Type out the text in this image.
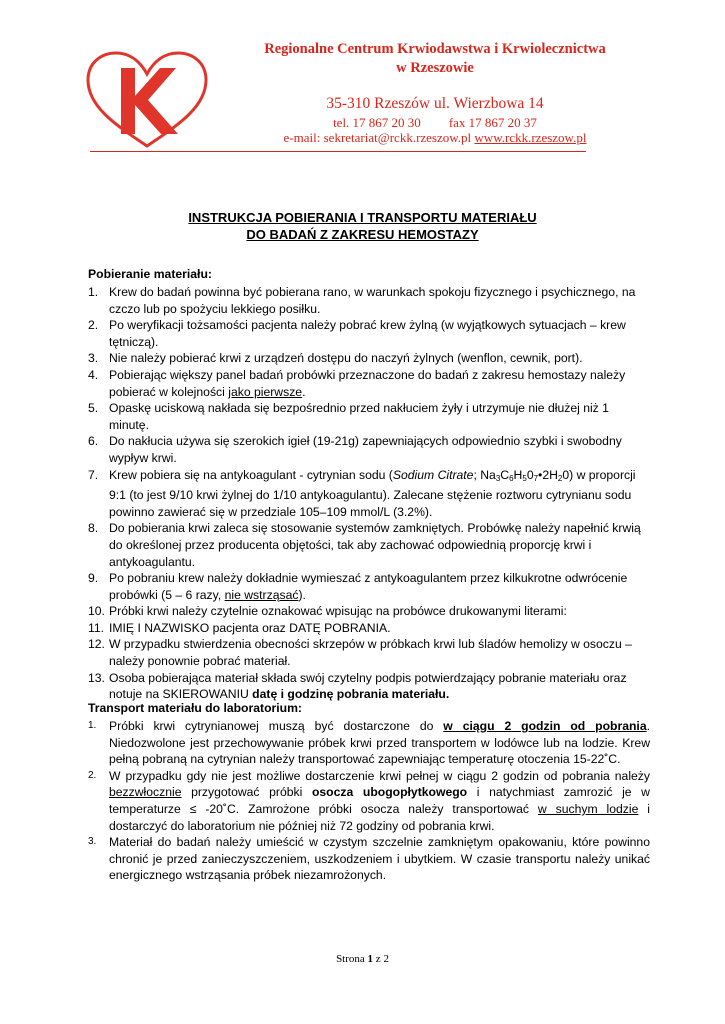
Regionalne Centrum Krwiodawstwa i Krwiolecznictwa
w Rzeszowie
35-310 Rzeszów ul. Wierzbowa 14
tel. 17 867 20 30 fax 17 867 20 37
e-mail: sekretariat@rckk.rzeszow.pl www.rckk.rzeszow.pl
INSTRUKCJA POBIERANIA I TRANSPORTU MATERIAŁU
DO BADAŃ Z ZAKRESU HEMOSTAZY
Pobieranie materiału:
1. Krew do badań powinna być pobierana rano, w warunkach spokoju fizycznego i psychicznego, na czczo lub po spożyciu lekkiego posiłku.
2. Po weryfikacji tożsamości pacjenta należy pobrać krew żylną (w wyjątkowych sytuacjach – krew tętniczą).
3. Nie należy pobierać krwi z urządzeń dostępu do naczyń żylnych (wenflon, cewnik, port).
4. Pobierając większy panel badań probówki przeznaczone do badań z zakresu hemostazy należy pobierać w kolejności jako pierwsze.
5. Opaskę uciskową nakłada się bezpośrednio przed nakłuciem żyły i utrzymuje nie dłużej niż 1 minutę.
6. Do nakłucia używa się szerokich igieł (19-21g) zapewniających odpowiednio szybki i swobodny wypływ krwi.
7. Krew pobiera się na antykoagulant - cytrynian sodu (Sodium Citrate; $Na_3C_6H_50_7•2H_20$) w proporcji 9:1 (to jest 9/10 krwi żylnej do 1/10 antykoagulantu). Zalecane stężenie roztworu cytrynianu sodu powinno zawierać się w przedziale 105–109 mmol/L (3.2%).
8. Do pobierania krwi zaleca się stosowanie systemów zamkniętych. Probówkę należy napełnić krwią do określonej przez producenta objętości, tak aby zachować odpowiednią proporcję krwi i antykoagulantu.
9. Po pobraniu krew należy dokładnie wymieszać z antykoagulantem przez kilkukrotne odwrócenie probówki (5 – 6 razy, nie wstrząsać).
10. Próbki krwi należy czytelnie oznakować wpisując na probówce drukowanymi literami:
11. IMIĘ I NAZWISKO pacjenta oraz DATĘ POBRANIA.
12. W przypadku stwierdzenia obecności skrzepów w próbkach krwi lub śladów hemolizy w osoczu – należy ponownie pobrać materiał.
13. Osoba pobierająca materiał składa swój czytelny podpis potwierdzający pobranie materiału oraz notuje na SKIEROWANIU datę i godzinę pobrania materiału.
Transport materiału do laboratorium:
1. Próbki krwi cytrynianowej muszą być dostarczone do w ciągu 2 godzin od pobrania. Niedozwolone jest przechowywanie próbek krwi przed transportem w lodówce lub na lodzie. Krew pełną pobraną na cytrynian należy transportować zapewniając temperaturę otoczenia 15-22˚C.
2. W przypadku gdy nie jest możliwe dostarczenie krwi pełnej w ciągu 2 godzin od pobrania należy bezzwłocznie przygotować próbki osocza ubogopłytkowego i natychmiast zamrozić je w temperaturze ≤ -20˚C. Zamrożone próbki osocza należy transportować w suchym lodzie i dostarczyć do laboratorium nie później niż 72 godziny od pobrania krwi.
3. Materiał do badań należy umieścić w czystym szczelnie zamkniętym opakowaniu, które powinno chronić je przed zanieczyszczeniem, uszkodzeniem i ubytkiem. W czasie transportu należy unikać energicznego wstrząsania próbek niezamrożonych.
Strona 1 z 2
